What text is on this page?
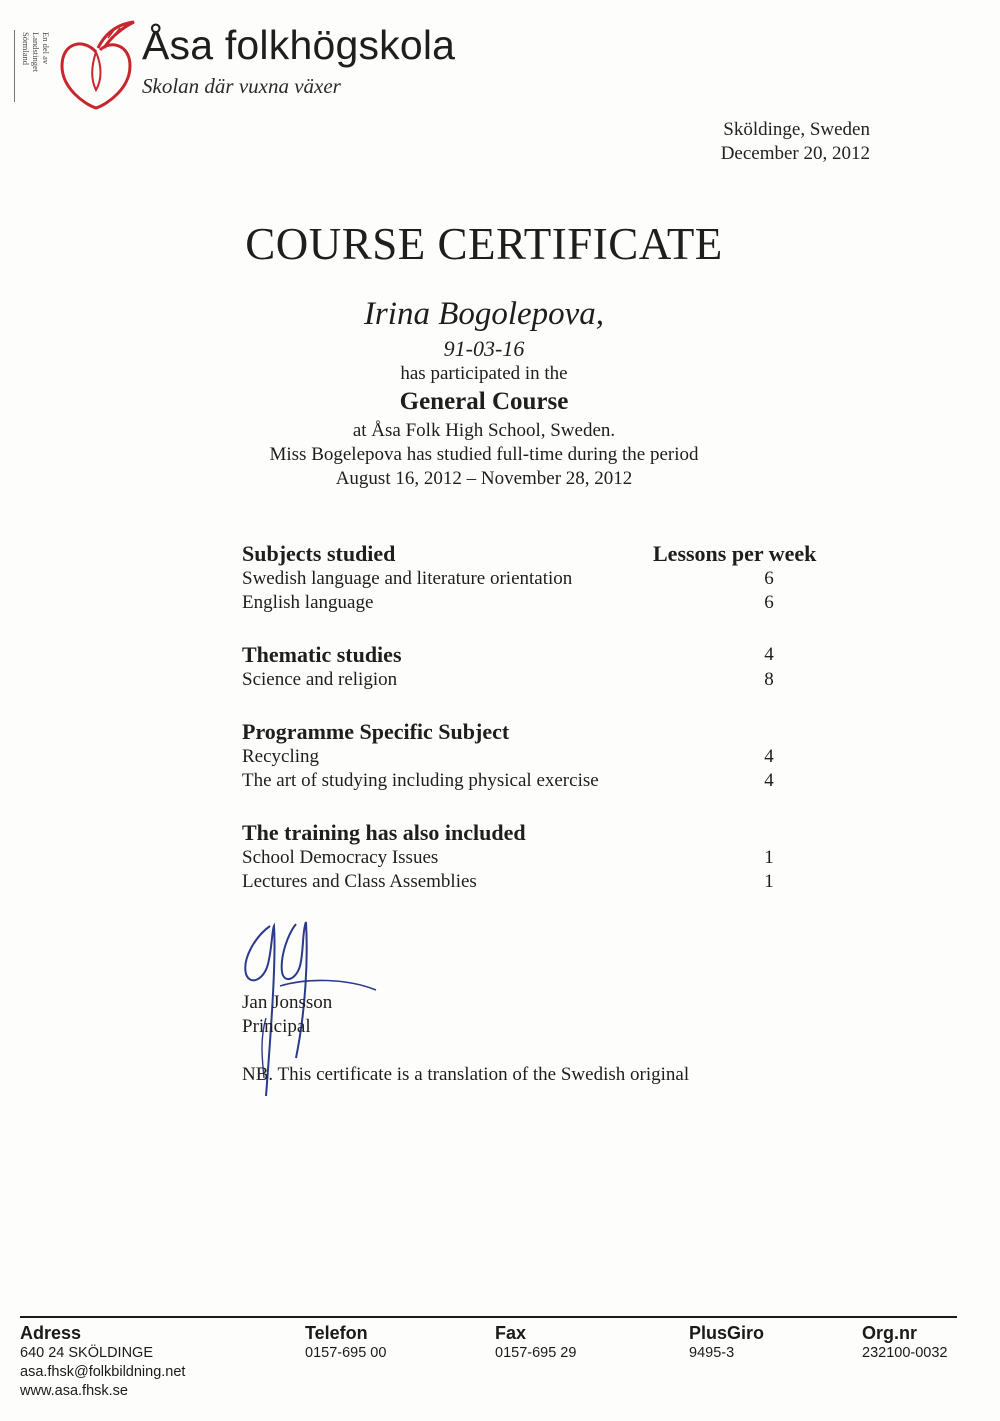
En del av Landstinget Sörmland	Åsa folkhögskola
Skolan där vuxna växer
Sköldinge, Sweden
December 20, 2012
COURSE CERTIFICATE
Irina Bogolepova,
91-03-16
has participated in the
General Course
at Åsa Folk High School, Sweden.
Miss Bogelepova has studied full-time during the period
August 16, 2012 – November 28, 2012
Subjects studied	Lessons per week
Swedish language and literature orientation	6
English language	6
Thematic studies	4
Science and religion	8
Programme Specific Subject
Recycling	4
The art of studying including physical exercise	4
The training has also included
School Democracy Issues	1
Lectures and Class Assemblies	1
Jan Jonsson
Principal
NB. This certificate is a translation of the Swedish original
Adress
640 24 SKÖLDINGE
asa.fhsk@folkbildning.net
www.asa.fhsk.se
Telefon
0157-695 00
Fax
0157-695 29
PlusGiro
9495-3
Org.nr
232100-0032
